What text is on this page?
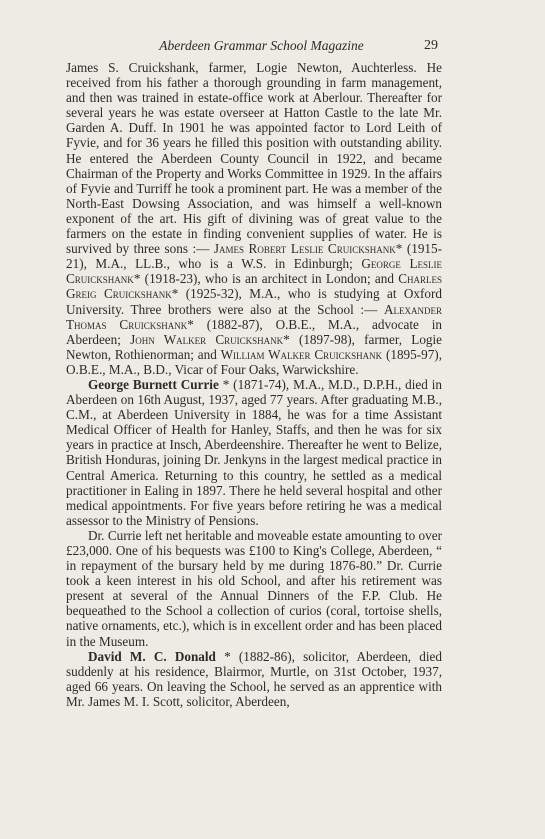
Aberdeen Grammar School Magazine	29

James S. Cruickshank, farmer, Logie Newton, Auchterless. He received from his father a thorough grounding in farm management, and then was trained in estate-office work at Aberlour. Thereafter for several years he was estate overseer at Hatton Castle to the late Mr. Garden A. Duff. In 1901 he was appointed factor to Lord Leith of Fyvie, and for 36 years he filled this position with outstanding ability. He entered the Aberdeen County Council in 1922, and became Chairman of the Property and Works Committee in 1929. In the affairs of Fyvie and Turriff he took a prominent part. He was a member of the North-East Dowsing Association, and was himself a well-known exponent of the art. His gift of divining was of great value to the farmers on the estate in finding convenient supplies of water. He is survived by three sons :— James Robert Leslie Cruickshank* (1915-21), M.A., LL.B., who is a W.S. in Edinburgh; George Leslie Cruickshank* (1918-23), who is an architect in London; and Charles Greig Cruickshank* (1925-32), M.A., who is studying at Oxford University. Three brothers were also at the School :— Alexander Thomas Cruickshank* (1882-87), O.B.E., M.A., advocate in Aberdeen; John Walker Cruickshank* (1897-98), farmer, Logie Newton, Rothienorman; and William Walker Cruickshank (1895-97), O.B.E., M.A., B.D., Vicar of Four Oaks, Warwickshire.

George Burnett Currie * (1871-74), M.A., M.D., D.P.H., died in Aberdeen on 16th August, 1937, aged 77 years. After graduating M.B., C.M., at Aberdeen University in 1884, he was for a time Assistant Medical Officer of Health for Hanley, Staffs, and then he was for six years in practice at Insch, Aberdeenshire. Thereafter he went to Belize, British Honduras, joining Dr. Jenkyns in the largest medical practice in Central America. Returning to this country, he settled as a medical practitioner in Ealing in 1897. There he held several hospital and other medical appointments. For five years before retiring he was a medical assessor to the Ministry of Pensions.

Dr. Currie left net heritable and moveable estate amounting to over £23,000. One of his bequests was £100 to King's College, Aberdeen, “ in repayment of the bursary held by me during 1876-80.” Dr. Currie took a keen interest in his old School, and after his retirement was present at several of the Annual Dinners of the F.P. Club. He bequeathed to the School a collection of curios (coral, tortoise shells, native ornaments, etc.), which is in excellent order and has been placed in the Museum.

David M. C. Donald * (1882-86), solicitor, Aberdeen, died suddenly at his residence, Blairmor, Murtle, on 31st October, 1937, aged 66 years. On leaving the School, he served as an apprentice with Mr. James M. I. Scott, solicitor, Aberdeen,
